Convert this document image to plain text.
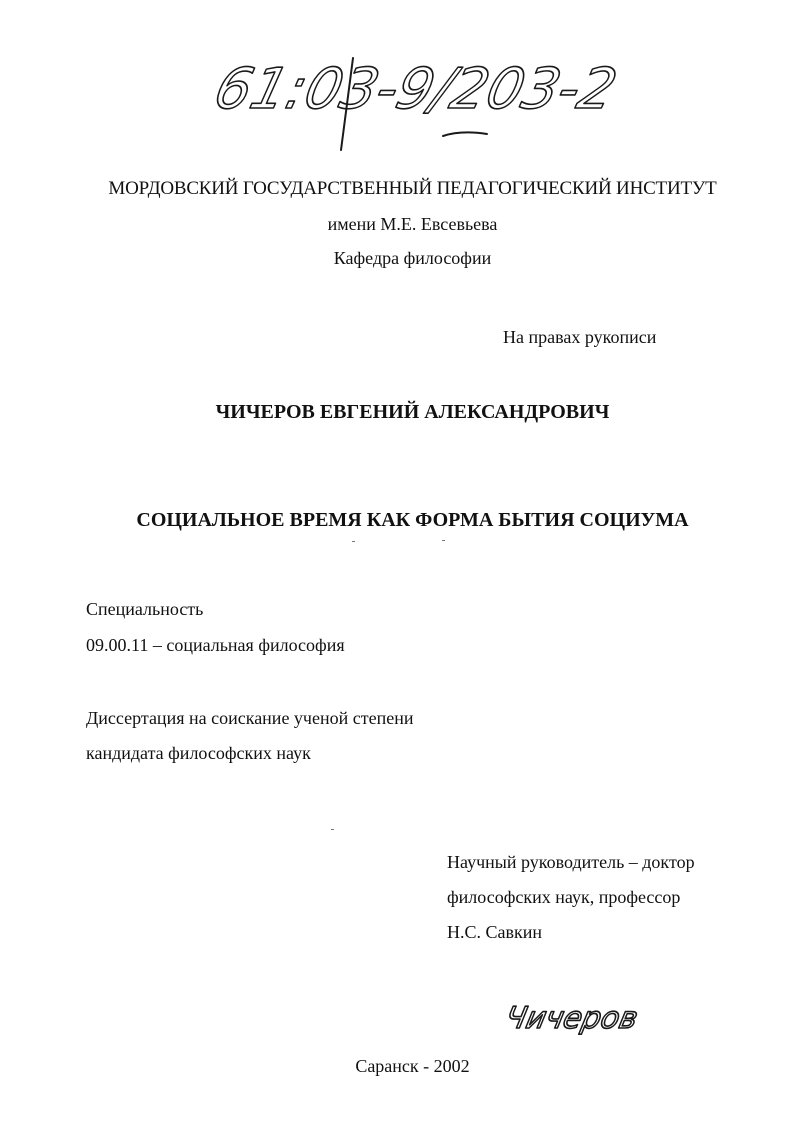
61:03-9/203-2
МОРДОВСКИЙ ГОСУДАРСТВЕННЫЙ ПЕДАГОГИЧЕСКИЙ ИНСТИТУТ
имени М.Е. Евсевьева
Кафедра философии
На правах рукописи
ЧИЧЕРОВ ЕВГЕНИЙ АЛЕКСАНДРОВИЧ
СОЦИАЛЬНОЕ ВРЕМЯ КАК ФОРМА БЫТИЯ СОЦИУМА
Специальность
09.00.11 – социальная философия
Диссертация на соискание ученой степени
кандидата философских наук
Научный руководитель – доктор
философских наук, профессор
Н.С. Савкин
Чичеров
Саранск - 2002
